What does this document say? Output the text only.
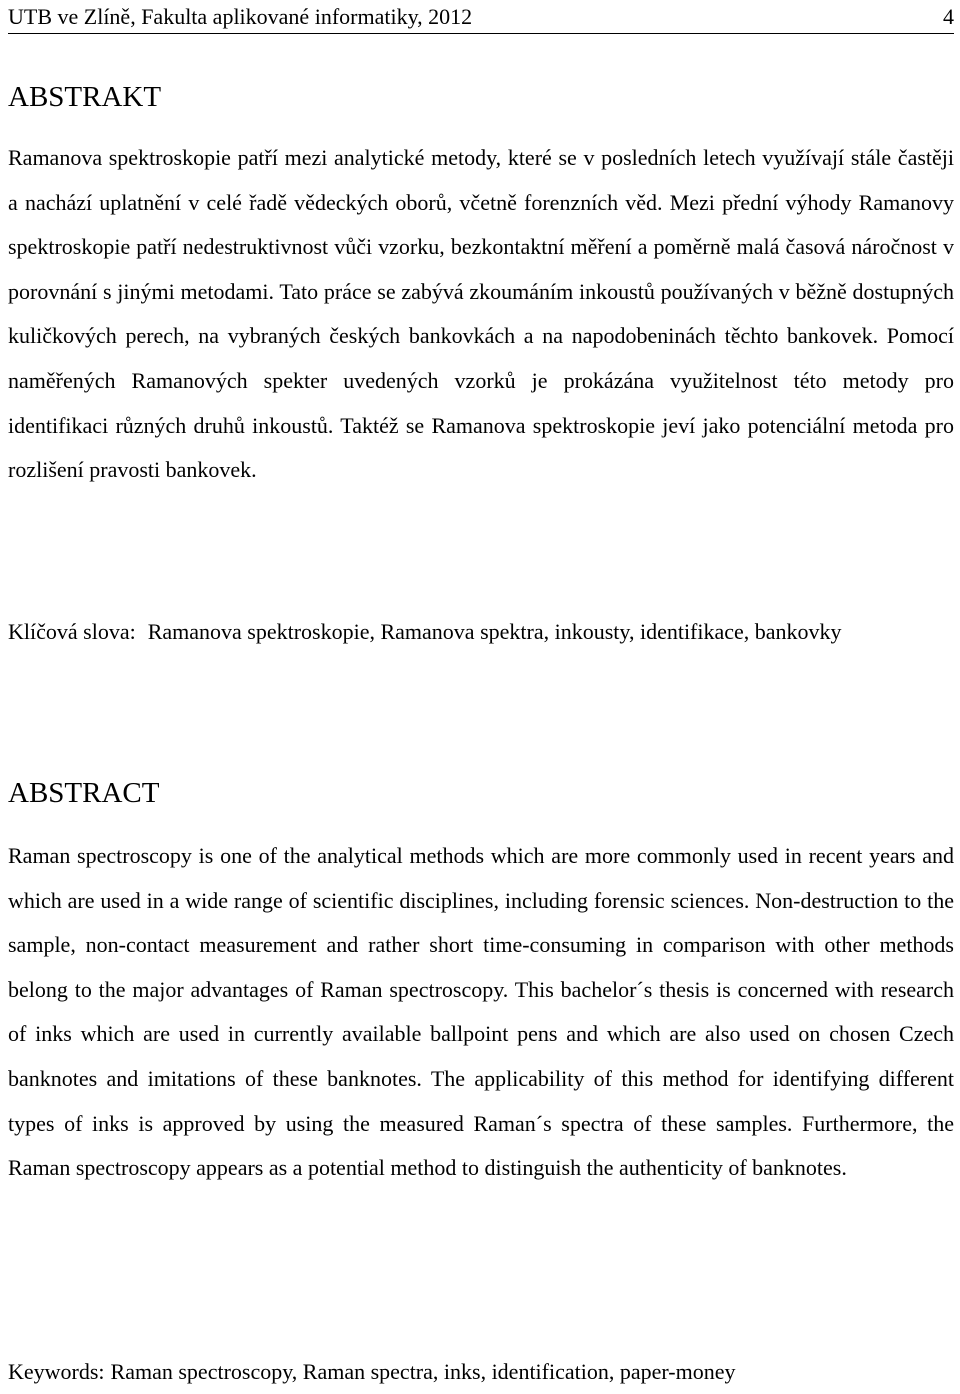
UTB ve Zlíně, Fakulta aplikované informatiky, 2012	4
ABSTRAKT

Ramanova spektroskopie patří mezi analytické metody, které se v posledních letech využívají stále častěji a nachází uplatnění v celé řadě vědeckých oborů, včetně forenzních věd. Mezi přední výhody Ramanovy spektroskopie patří nedestruktivnost vůči vzorku, bezkontaktní měření a poměrně malá časová náročnost v porovnání s jinými metodami. Tato práce se zabývá zkoumáním inkoustů používaných v běžně dostupných kuličkových perech, na vybraných českých bankovkách a na napodobeninách těchto bankovek. Pomocí naměřených Ramanových spekter uvedených vzorků je prokázána využitelnost této metody pro identifikaci různých druhů inkoustů. Taktéž se Ramanova spektroskopie jeví jako potenciální metoda pro rozlišení pravosti bankovek.

Klíčová slova: Ramanova spektroskopie, Ramanova spektra, inkousty, identifikace, bankovky
ABSTRACT

Raman spectroscopy is one of the analytical methods which are more commonly used in recent years and which are used in a wide range of scientific disciplines, including forensic sciences. Non-destruction to the sample, non-contact measurement and rather short time-consuming in comparison with other methods belong to the major advantages of Raman spectroscopy. This bachelor´s thesis is concerned with research of inks which are used in currently available ballpoint pens and which are also used on chosen Czech banknotes and imitations of these banknotes. The applicability of this method for identifying different types of inks is approved by using the measured Raman´s spectra of these samples. Furthermore, the Raman spectroscopy appears as a potential method to distinguish the authenticity of banknotes.

Keywords: Raman spectroscopy, Raman spectra, inks, identification, paper-money
